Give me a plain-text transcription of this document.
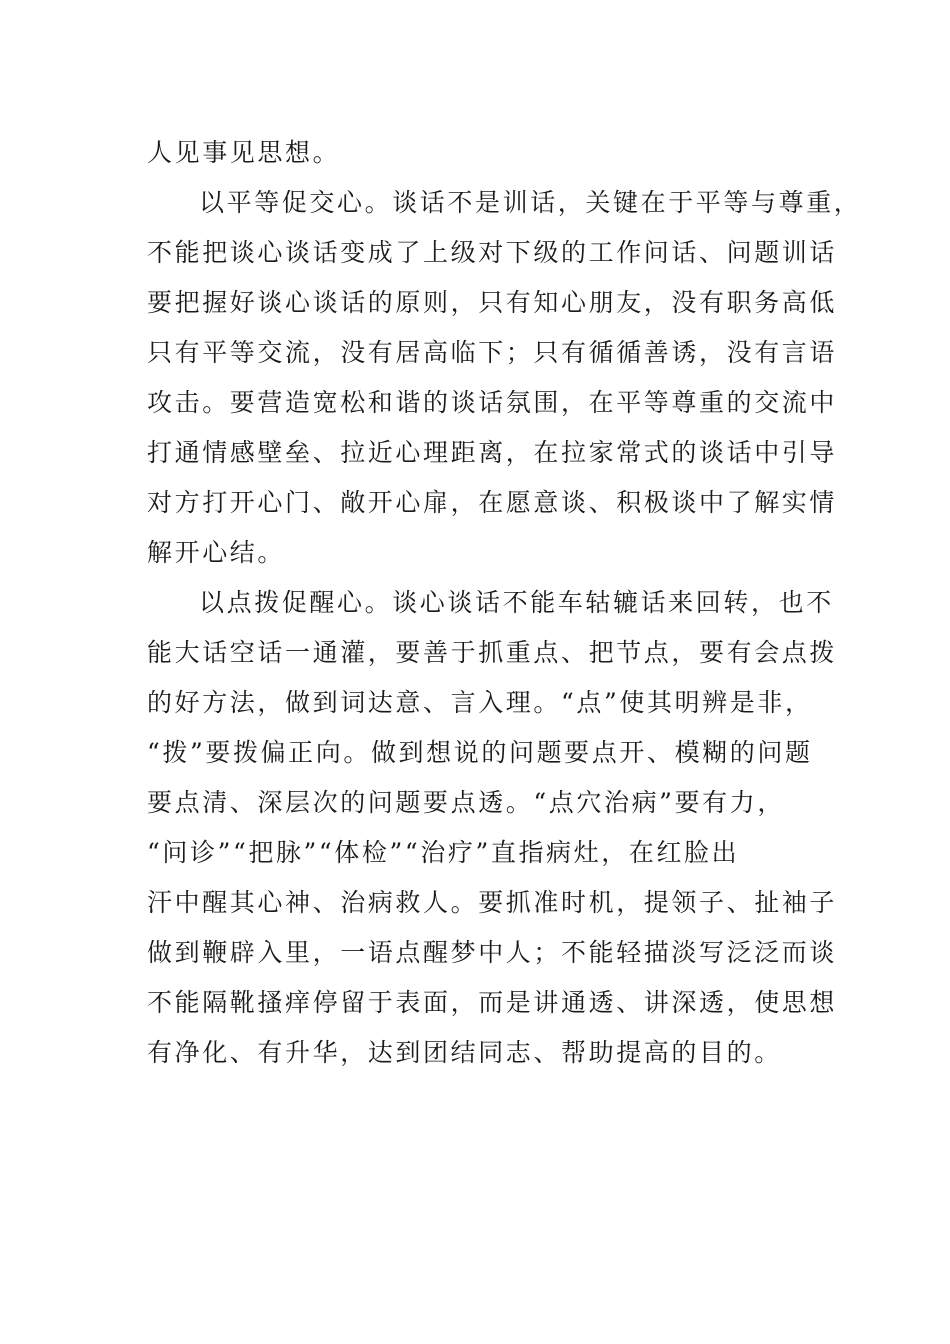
人见事见思想。
以平等促交心。谈话不是训话，关键在于平等与尊重，
不能把谈心谈话变成了上级对下级的工作问话、问题训话
要把握好谈心谈话的原则，只有知心朋友，没有职务高低
只有平等交流，没有居高临下；只有循循善诱，没有言语
攻击。要营造宽松和谐的谈话氛围，在平等尊重的交流中
打通情感壁垒、拉近心理距离，在拉家常式的谈话中引导
对方打开心门、敞开心扉，在愿意谈、积极谈中了解实情
解开心结。
以点拨促醒心。谈心谈话不能车轱辘话来回转，也不
能大话空话一通灌，要善于抓重点、把节点，要有会点拨
的好方法，做到词达意、言入理。“点”使其明辨是非，
“拨”要拨偏正向。做到想说的问题要点开、模糊的问题
要点清、深层次的问题要点透。“点穴治病”要有力，
“问诊”“把脉”“体检”“治疗”直指病灶，在红脸出
汗中醒其心神、治病救人。要抓准时机，提领子、扯袖子
做到鞭辟入里，一语点醒梦中人；不能轻描淡写泛泛而谈
不能隔靴搔痒停留于表面，而是讲通透、讲深透，使思想
有净化、有升华，达到团结同志、帮助提高的目的。
